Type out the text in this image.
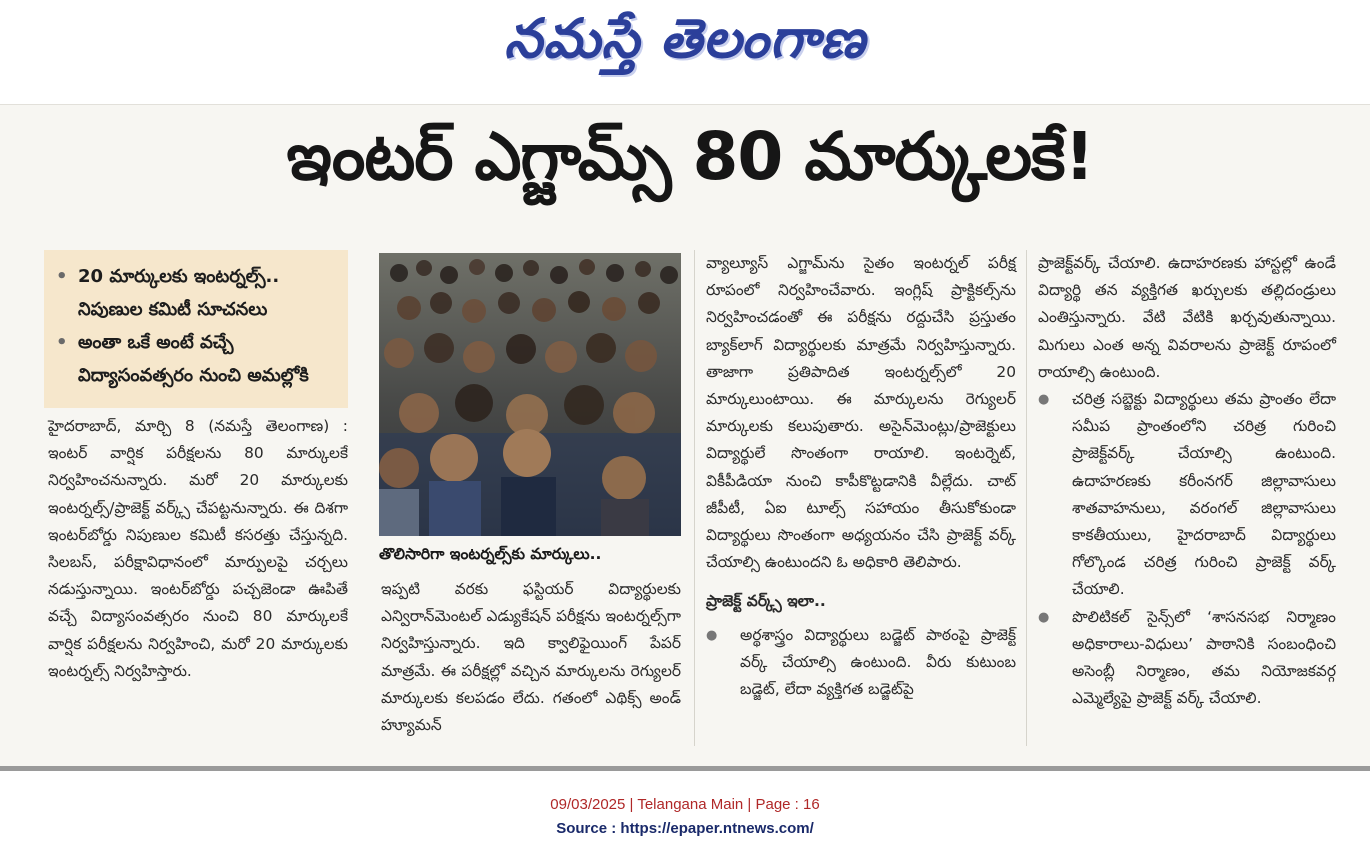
నమస్తే తెలంగాణ
ఇంటర్ ఎగ్జామ్స్ 80 మార్కులకే!
• 20 మార్కులకు ఇంటర్నల్స్.. నిపుణుల కమిటీ సూచనలు
• అంతా ఒకే అంటే వచ్చే విద్యాసంవత్సరం నుంచి అమల్లోకి

హైదరాబాద్, మార్చి 8 (నమస్తే తెలంగాణ) : ఇంటర్ వార్షిక పరీక్షలను 80 మార్కులకే నిర్వహించనున్నారు. మరో 20 మార్కులకు ఇంటర్నల్స్/ప్రాజెక్ట్ వర్క్స్ చేపట్టనున్నారు. ఈ దిశగా ఇంటర్‌బోర్డు నిపుణుల కమిటీ కసరత్తు చేస్తున్నది. సిలబస్, పరీక్షావిధానంలో మార్పులపై చర్చలు నడుస్తున్నాయి. ఇంటర్‌బోర్డు పచ్చజెండా ఊపితే వచ్చే విద్యాసంవత్సరం నుంచి 80 మార్కులకే వార్షిక పరీక్షలను నిర్వహించి, మరో 20 మార్కులకు ఇంటర్నల్స్ నిర్వహిస్తారు.

తొలిసారిగా ఇంటర్నల్స్‌కు మార్కులు..

ఇప్పటి వరకు ఫస్టియర్ విద్యార్థులకు ఎన్విరాన్‌మెంటల్ ఎడ్యుకేషన్ పరీక్షను ఇంటర్నల్స్‌గా నిర్వహిస్తున్నారు. ఇది క్వాలిఫైయింగ్ పేపర్ మాత్రమే. ఈ పరీక్షల్లో వచ్చిన మార్కులను రెగ్యులర్ మార్కులకు కలపడం లేదు. గతంలో ఎథిక్స్ అండ్ హ్యూమన్

వ్యాల్యూస్ ఎగ్జామ్‌ను సైతం ఇంటర్నల్ పరీక్ష రూపంలో నిర్వహించేవారు. ఇంగ్లిష్ ప్రాక్టికల్స్‌ను నిర్వహించడంతో ఈ పరీక్షను రద్దుచేసి ప్రస్తుతం బ్యాక్‌లాగ్ విద్యార్థులకు మాత్రమే నిర్వహిస్తున్నారు. తాజాగా ప్రతిపాదిత ఇంటర్నల్స్‌లో 20 మార్కులుంటాయి. ఈ మార్కులను రెగ్యులర్ మార్కులకు కలుపుతారు. అసైన్‌మెంట్లు/ప్రాజెక్టులు విద్యార్థులే సొంతంగా రాయాలి. ఇంటర్నెట్, వికీపీడియా నుంచి కాపీకొట్టడానికి వీల్లేదు. చాట్ జీపీటీ, ఏఐ టూల్స్ సహాయం తీసుకోకుండా విద్యార్థులు సొంతంగా అధ్యయనం చేసి ప్రాజెక్ట్ వర్క్ చేయాల్సి ఉంటుందని ఓ అధికారి తెలిపారు.

ప్రాజెక్ట్ వర్క్స్ ఇలా..
● అర్థశాస్త్రం విద్యార్థులు బడ్జెట్ పాఠంపై ప్రాజెక్ట్ వర్క్ చేయాల్సి ఉంటుంది. వీరు కుటుంబ బడ్జెట్, లేదా వ్యక్తిగత బడ్జెట్‌పై

ప్రాజెక్ట్‌వర్క్ చేయాలి. ఉదాహరణకు హాస్టల్లో ఉండే విద్యార్థి తన వ్యక్తిగత ఖర్చులకు తల్లిదండ్రులు ఎంతిస్తున్నారు. వేటి వేటికి ఖర్చవుతున్నాయి. మిగులు ఎంత అన్న వివరాలను ప్రాజెక్ట్ రూపంలో రాయాల్సి ఉంటుంది.

● చరిత్ర సబ్జెక్టు విద్యార్థులు తమ ప్రాంతం లేదా సమీప ప్రాంతంలోని చరిత్ర గురించి ప్రాజెక్ట్‌వర్క్ చేయాల్సి ఉంటుంది. ఉదాహరణకు కరీంనగర్ జిల్లావాసులు శాతవాహనులు, వరంగల్ జిల్లావాసులు కాకతీయులు, హైదరాబాద్ విద్యార్థులు గోల్కొండ చరిత్ర గురించి ప్రాజెక్ట్ వర్క్ చేయాలి.
● పొలిటికల్ సైన్స్‌లో ‘శాసనసభ నిర్మాణం అధికారాలు-విధులు’ పాఠానికి సంబంధించి అసెంబ్లీ నిర్మాణం, తమ నియోజకవర్గ ఎమ్మెల్యేపై ప్రాజెక్ట్ వర్క్ చేయాలి.
09/03/2025 | Telangana Main | Page : 16
Source : https://epaper.ntnews.com/
